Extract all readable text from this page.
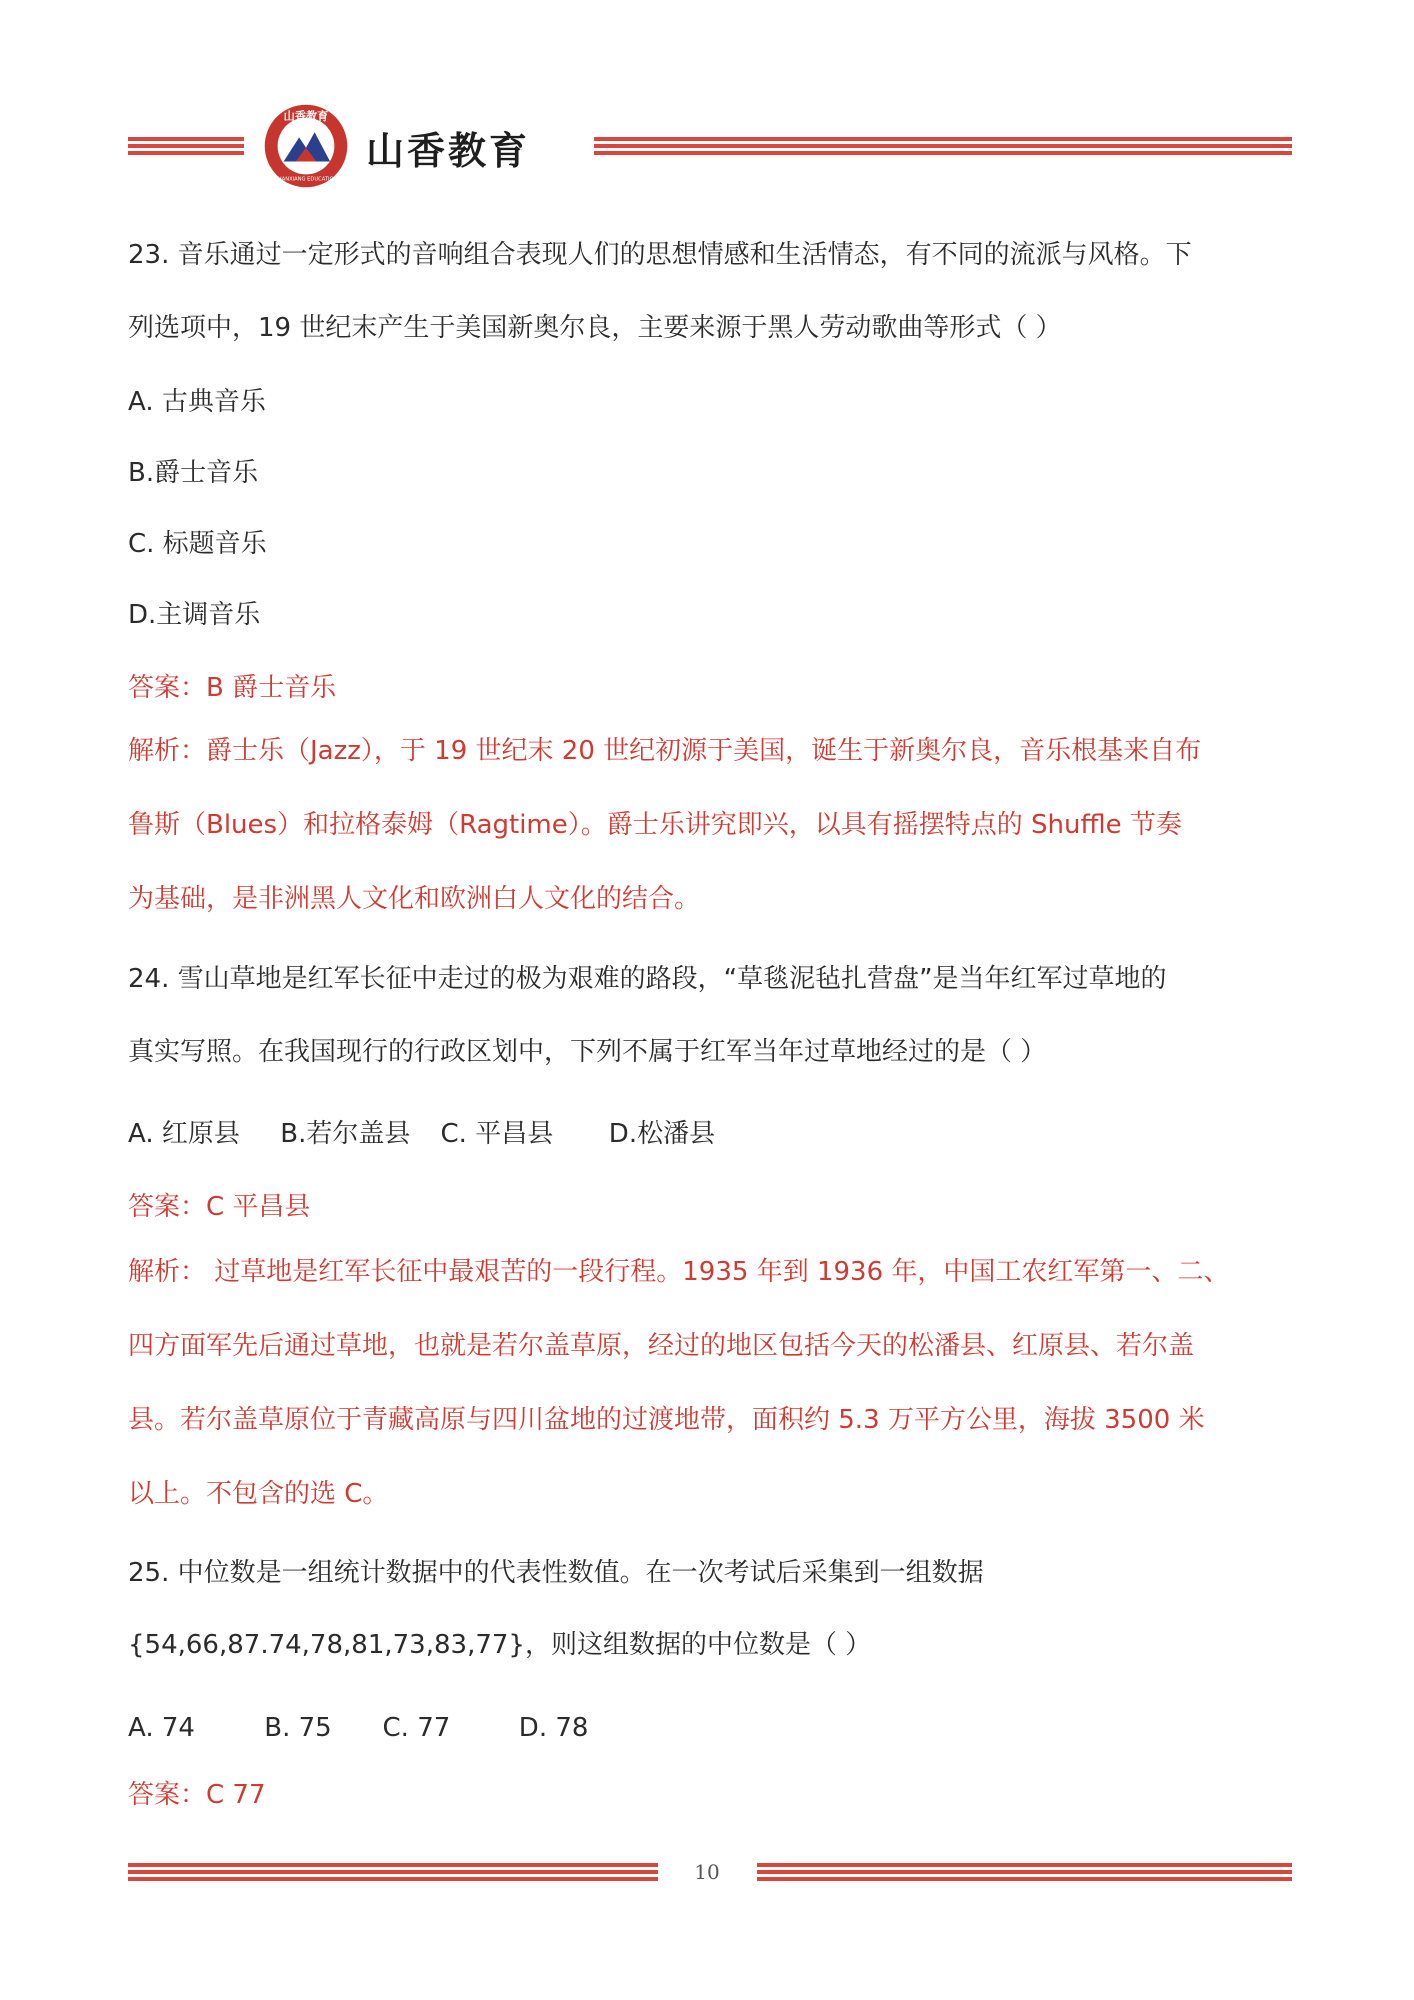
山香教育
SHANXIANG EDUCATION
山香教育
23. 音乐通过一定形式的音响组合表现人们的思想情感和生活情态，有不同的流派与风格。下
列选项中，19 世纪末产生于美国新奥尔良，主要来源于黑人劳动歌曲等形式（ ）
A. 古典音乐
B.爵士音乐
C. 标题音乐
D.主调音乐
答案：B 爵士音乐
解析：爵士乐（Jazz），于 19 世纪末 20 世纪初源于美国，诞生于新奥尔良，音乐根基来自布
鲁斯（Blues）和拉格泰姆（Ragtime）。爵士乐讲究即兴，以具有摇摆特点的 Shuffle 节奏
为基础，是非洲黑人文化和欧洲白人文化的结合。
24. 雪山草地是红军长征中走过的极为艰难的路段，“草毯泥毡扎营盘”是当年红军过草地的
真实写照。在我国现行的行政区划中，下列不属于红军当年过草地经过的是（ ）
A. 红原县 B.若尔盖县 C. 平昌县 D.松潘县
答案：C 平昌县
解析： 过草地是红军长征中最艰苦的一段行程。1935 年到 1936 年，中国工农红军第一、二、
四方面军先后通过草地，也就是若尔盖草原，经过的地区包括今天的松潘县、红原县、若尔盖
县。若尔盖草原位于青藏高原与四川盆地的过渡地带，面积约 5.3 万平方公里，海拔 3500 米
以上。不包含的选 C。
25. 中位数是一组统计数据中的代表性数值。在一次考试后采集到一组数据
{54,66,87.74,78,81,73,83,77}，则这组数据的中位数是（ ）
A. 74	B. 75 C. 77	D. 78
答案：C 77
10
